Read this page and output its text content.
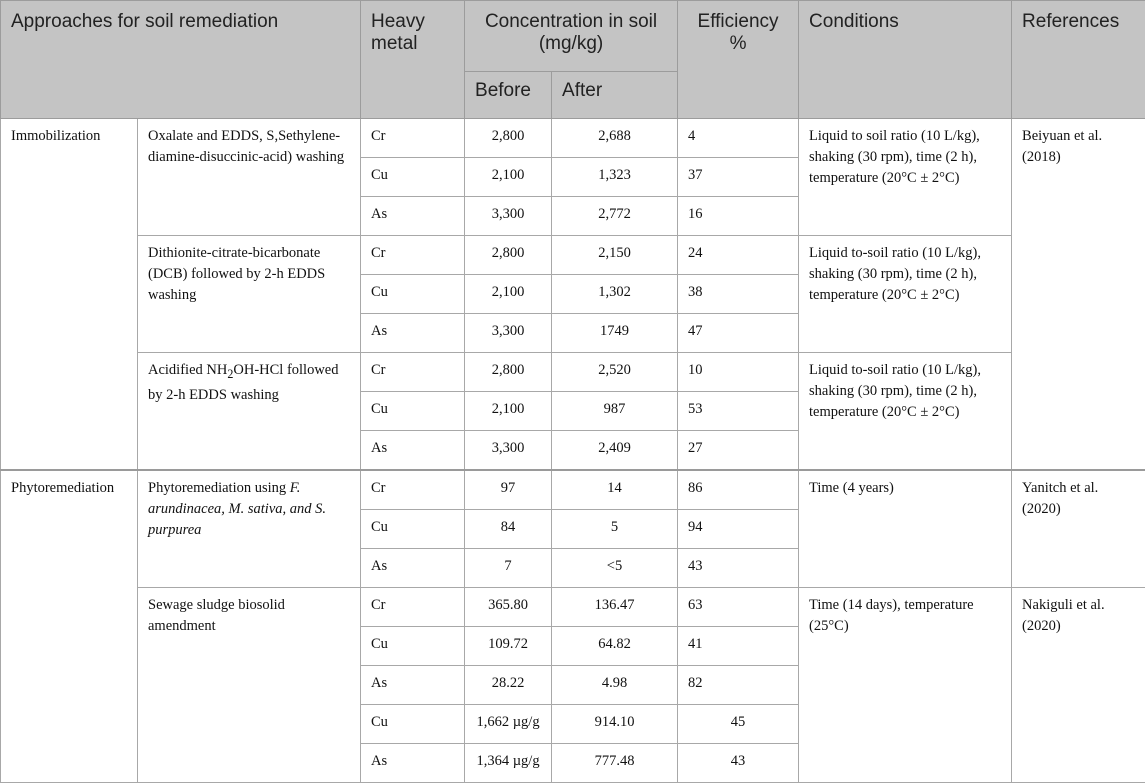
Approaches for soil remediation		Heavy metal	Concentration in soil (mg/kg)		Efficiency %	Conditions	References
			Before	After			
Immobilization	Oxalate and EDDS, S,Sethylene-diamine-disuccinic-acid) washing	Cr	2,800	2,688	4	Liquid to soil ratio (10 L/kg), shaking (30 rpm), time (2 h), temperature (20°C ± 2°C)	Beiyuan et al. (2018)
		Cu	2,100	1,323	37		
		As	3,300	2,772	16		
	Dithionite-citrate-bicarbonate (DCB) followed by 2-h EDDS washing	Cr	2,800	2,150	24	Liquid to-soil ratio (10 L/kg), shaking (30 rpm), time (2 h), temperature (20°C ± 2°C)	
		Cu	2,100	1,302	38		
		As	3,300	1749	47		
	Acidified $NH_2OH$-HCl followed by 2-h EDDS washing	Cr	2,800	2,520	10	Liquid to-soil ratio (10 L/kg), shaking (30 rpm), time (2 h), temperature (20°C ± 2°C)	
		Cu	2,100	987	53		
		As	3,300	2,409	27		
Phytoremediation	Phytoremediation using F. arundinacea, M. sativa, and S. purpurea	Cr	97	14	86	Time (4 years)	Yanitch et al. (2020)
		Cu	84	5	94		
		As	7	<5	43		
	Sewage sludge biosolid amendment	Cr	365.80	136.47	63	Time (14 days), temperature (25°C)	Nakiguli et al. (2020)
		Cu	109.72	64.82	41		
		As	28.22	4.98	82		
		Cu	1,662 µg/g	914.10	45		
		As	1,364 µg/g	777.48	43		
